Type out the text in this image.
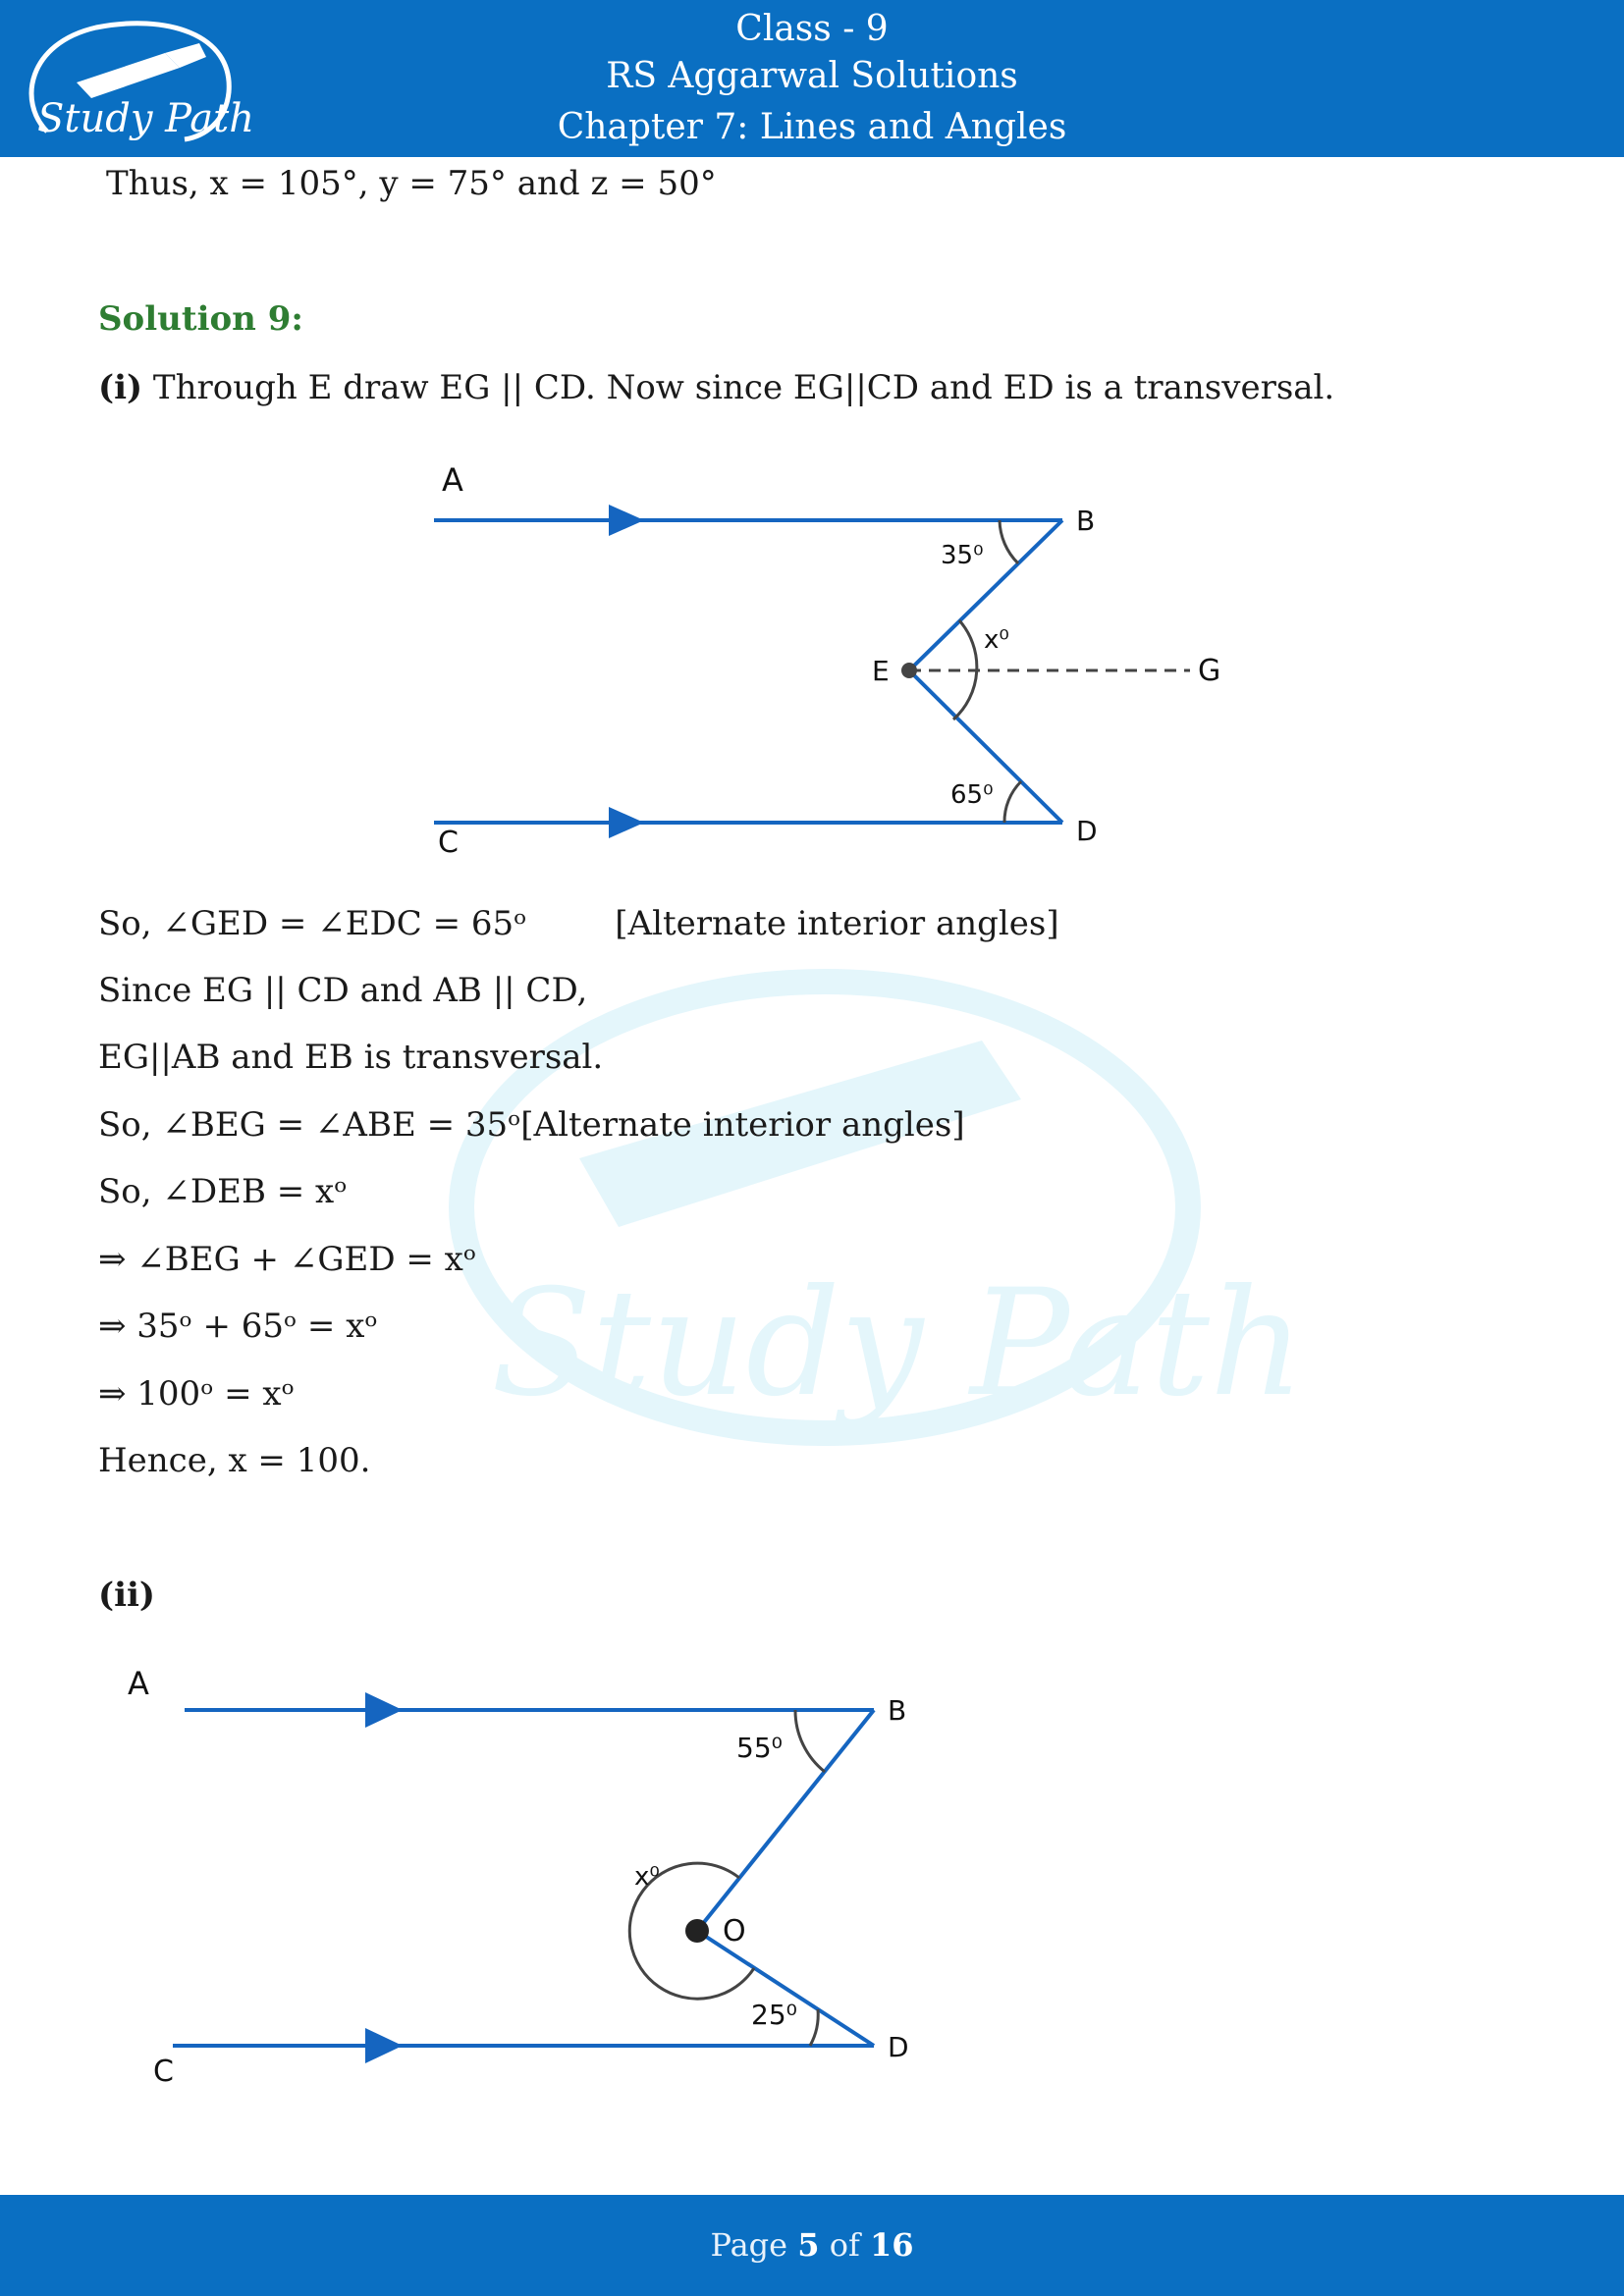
Study Path
Class - 9
RS Aggarwal Solutions
Chapter 7: Lines and Angles
Study Path
Thus, x = 105°, y = 75° and z = 50°
Solution 9:
(i) Through E draw EG || CD. Now since EG||CD and ED is a transversal.
A
B
C	D
E	G
35⁰
x⁰
65⁰
So, ∠GED = ∠EDC = 65ᵒ	[Alternate interior angles]
Since EG || CD and AB || CD,
EG||AB and EB is transversal.
So, ∠BEG = ∠ABE = 35ᵒ[Alternate interior angles]
So, ∠DEB = xᵒ
⇒ ∠BEG + ∠GED = xᵒ
⇒ 35ᵒ + 65ᵒ = xᵒ
⇒ 100ᵒ = xᵒ
Hence, x = 100.
(ii)
A
B
C
D
O
55⁰
x⁰
25⁰
Page 5 of 16
